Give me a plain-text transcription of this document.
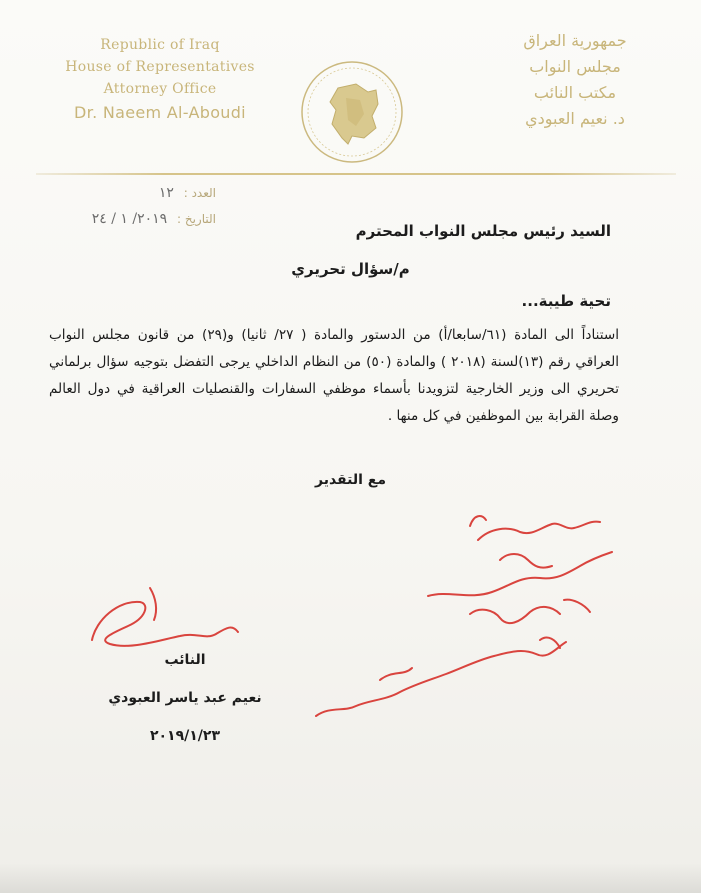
Republic of Iraq
House of Representatives
Attorney Office
Dr. Naeem Al-Aboudi
جمهورية العراق
مجلس النواب
مكتب النائب
د. نعيم العبودي
العدد : ١٢
التاريخ : ٢٠١٩/ ١ / ٢٤
السيد رئيس مجلس النواب المحترم
م/سؤال تحريري
تحية طيبة...
استناداً الى المادة (٦١/سابعا/أ) من الدستور والمادة ( ٢٧/ ثانيا) و(٢٩) من قانون مجلس النواب العراقي رقم (١٣)لسنة (٢٠١٨ ) والمادة (٥٠) من النظام الداخلي يرجى التفضل بتوجيه سؤال برلماني تحريري الى وزير الخارجية لتزويدنا بأسماء موظفي السفارات والقنصليات العراقية في دول العالم وصلة القرابة بين الموظفين في كل منها .
مع التقدير
النائب
نعيم عبد ياسر العبودي
٢٠١٩/١/٢٣
